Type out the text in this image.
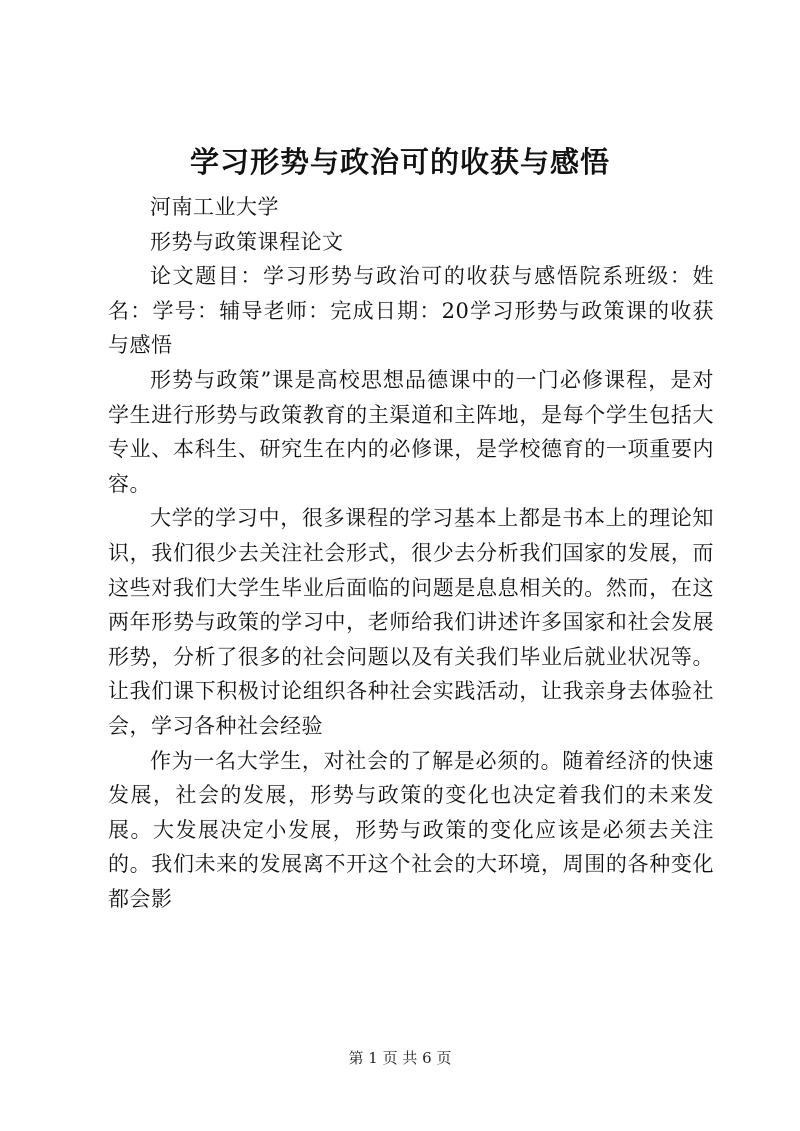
学习形势与政治可的收获与感悟

河南工业大学

形势与政策课程论文

论文题目：学习形势与政治可的收获与感悟院系班级：姓名：学号：辅导老师：完成日期：20学习形势与政策课的收获与感悟

形势与政策”课是高校思想品德课中的一门必修课程，是对学生进行形势与政策教育的主渠道和主阵地，是每个学生包括大专业、本科生、研究生在内的必修课，是学校德育的一项重要内容。

大学的学习中，很多课程的学习基本上都是书本上的理论知识，我们很少去关注社会形式，很少去分析我们国家的发展，而这些对我们大学生毕业后面临的问题是息息相关的。然而，在这两年形势与政策的学习中，老师给我们讲述许多国家和社会发展形势，分析了很多的社会问题以及有关我们毕业后就业状况等。让我们课下积极讨论组织各种社会实践活动，让我亲身去体验社会，学习各种社会经验

作为一名大学生，对社会的了解是必须的。随着经济的快速发展，社会的发展，形势与政策的变化也决定着我们的未来发展。大发展决定小发展，形势与政策的变化应该是必须去关注的。我们未来的发展离不开这个社会的大环境，周围的各种变化都会影

第 1 页 共 6 页
